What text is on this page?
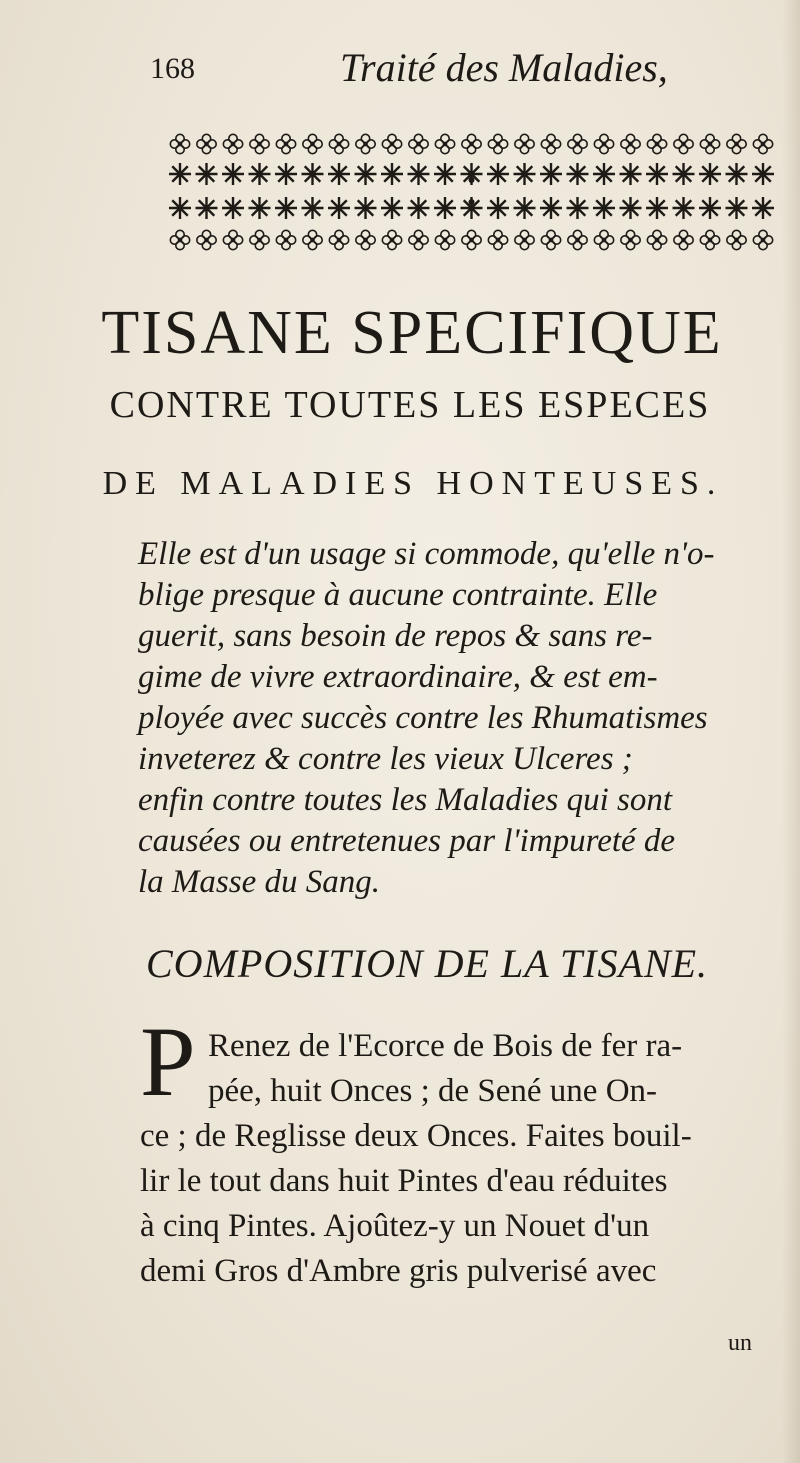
168	Traité des Maladies,
TISANE SPECIFIQUE
CONTRE TOUTES LES ESPECES
DE MALADIES HONTEUSES.
Elle est d'un usage si commode, qu'elle n'o-
blige presque à aucune contrainte. Elle
guerit, sans besoin de repos & sans re-
gime de vivre extraordinaire, & est em-
ployée avec succès contre les Rhumatismes
inveterez & contre les vieux Ulceres ;
enfin contre toutes les Maladies qui sont
causées ou entretenues par l'impureté de
la Masse du Sang.
COMPOSITION DE LA TISANE.
P Renez de l'Ecorce de Bois de fer ra-
pée, huit Onces ; de Sené une On-
ce ; de Reglisse deux Onces. Faites bouil-
lir le tout dans huit Pintes d'eau réduites
à cinq Pintes. Ajoûtez-y un Nouet d'un
demi Gros d'Ambre gris pulverisé avec
un
